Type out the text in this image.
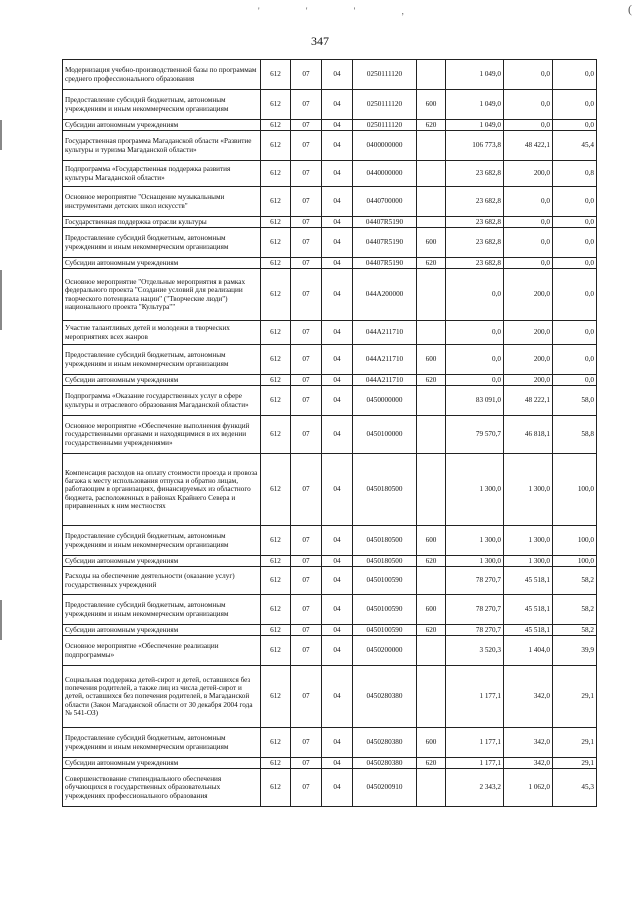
' ' ' ,	(
347
Модернизация учебно-производственной базы по программам среднего профессионального образования	612	07	04	0250111120		1 049,0	0,0	0,0
Предоставление субсидий бюджетным, автономным учреждениям и иным некоммерческим организациям	612	07	04	0250111120	600	1 049,0	0,0	0,0
Субсидии автономным учреждениям	612	07	04	0250111120	620	1 049,0	0,0	0,0
Государственная программа Магаданской области «Развитие культуры и туризма Магаданской области»	612	07	04	0400000000		106 773,8	48 422,1	45,4
Подпрограмма «Государственная поддержка развития культуры Магаданской области»	612	07	04	0440000000		23 682,8	200,0	0,8
Основное мероприятие "Оснащение музыкальными инструментами детских школ искусств"	612	07	04	0440700000		23 682,8	0,0	0,0
Государственная поддержка отрасли культуры	612	07	04	04407R5190		23 682,8	0,0	0,0
Предоставление субсидий бюджетным, автономным учреждениям и иным некоммерческим организациям	612	07	04	04407R5190	600	23 682,8	0,0	0,0
Субсидии автономным учреждениям	612	07	04	04407R5190	620	23 682,8	0,0	0,0
Основное мероприятие "Отдельные мероприятия в рамках федерального проекта "Создание условий для реализации творческого потенциала нации" ("Творческие люди") национального проекта "Культура""	612	07	04	044A200000		0,0	200,0	0,0
Участие талантливых детей и молодежи в творческих мероприятиях всех жанров	612	07	04	044A211710		0,0	200,0	0,0
Предоставление субсидий бюджетным, автономным учреждениям и иным некоммерческим организациям	612	07	04	044A211710	600	0,0	200,0	0,0
Субсидии автономным учреждениям	612	07	04	044A211710	620	0,0	200,0	0,0
Подпрограмма «Оказание государственных услуг в сфере культуры и отраслевого образования Магаданской области»	612	07	04	0450000000		83 091,0	48 222,1	58,0
Основное мероприятие «Обеспечение выполнения функций государственными органами и находящимися в их ведении государственными учреждениями»	612	07	04	0450100000		79 570,7	46 818,1	58,8
Компенсация расходов на оплату стоимости проезда и провоза багажа к месту использования отпуска и обратно лицам, работающим в организациях, финансируемых из областного бюджета, расположенных в районах Крайнего Севера и приравненных к ним местностях	612	07	04	0450180500		1 300,0	1 300,0	100,0
Предоставление субсидий бюджетным, автономным учреждениям и иным некоммерческим организациям	612	07	04	0450180500	600	1 300,0	1 300,0	100,0
Субсидии автономным учреждениям	612	07	04	0450180500	620	1 300,0	1 300,0	100,0
Расходы на обеспечение деятельности (оказание услуг) государственных учреждений	612	07	04	0450100590		78 270,7	45 518,1	58,2
Предоставление субсидий бюджетным, автономным учреждениям и иным некоммерческим организациям	612	07	04	0450100590	600	78 270,7	45 518,1	58,2
Субсидии автономным учреждениям	612	07	04	0450100590	620	78 270,7	45 518,1	58,2
Основное мероприятие «Обеспечение реализации подпрограммы»	612	07	04	0450200000		3 520,3	1 404,0	39,9
Социальная поддержка детей-сирот и детей, оставшихся без попечения родителей, а также лиц из числа детей-сирот и детей, оставшихся без попечения родителей, в Магаданской области (Закон Магаданской области от 30 декабря 2004 года № 541-ОЗ)	612	07	04	0450280380		1 177,1	342,0	29,1
Предоставление субсидий бюджетным, автономным учреждениям и иным некоммерческим организациям	612	07	04	0450280380	600	1 177,1	342,0	29,1
Субсидии автономным учреждениям	612	07	04	0450280380	620	1 177,1	342,0	29,1
Совершенствование стипендиального обеспечения обучающихся в государственных образовательных учреждениях профессионального образования	612	07	04	0450200910		2 343,2	1 062,0	45,3
